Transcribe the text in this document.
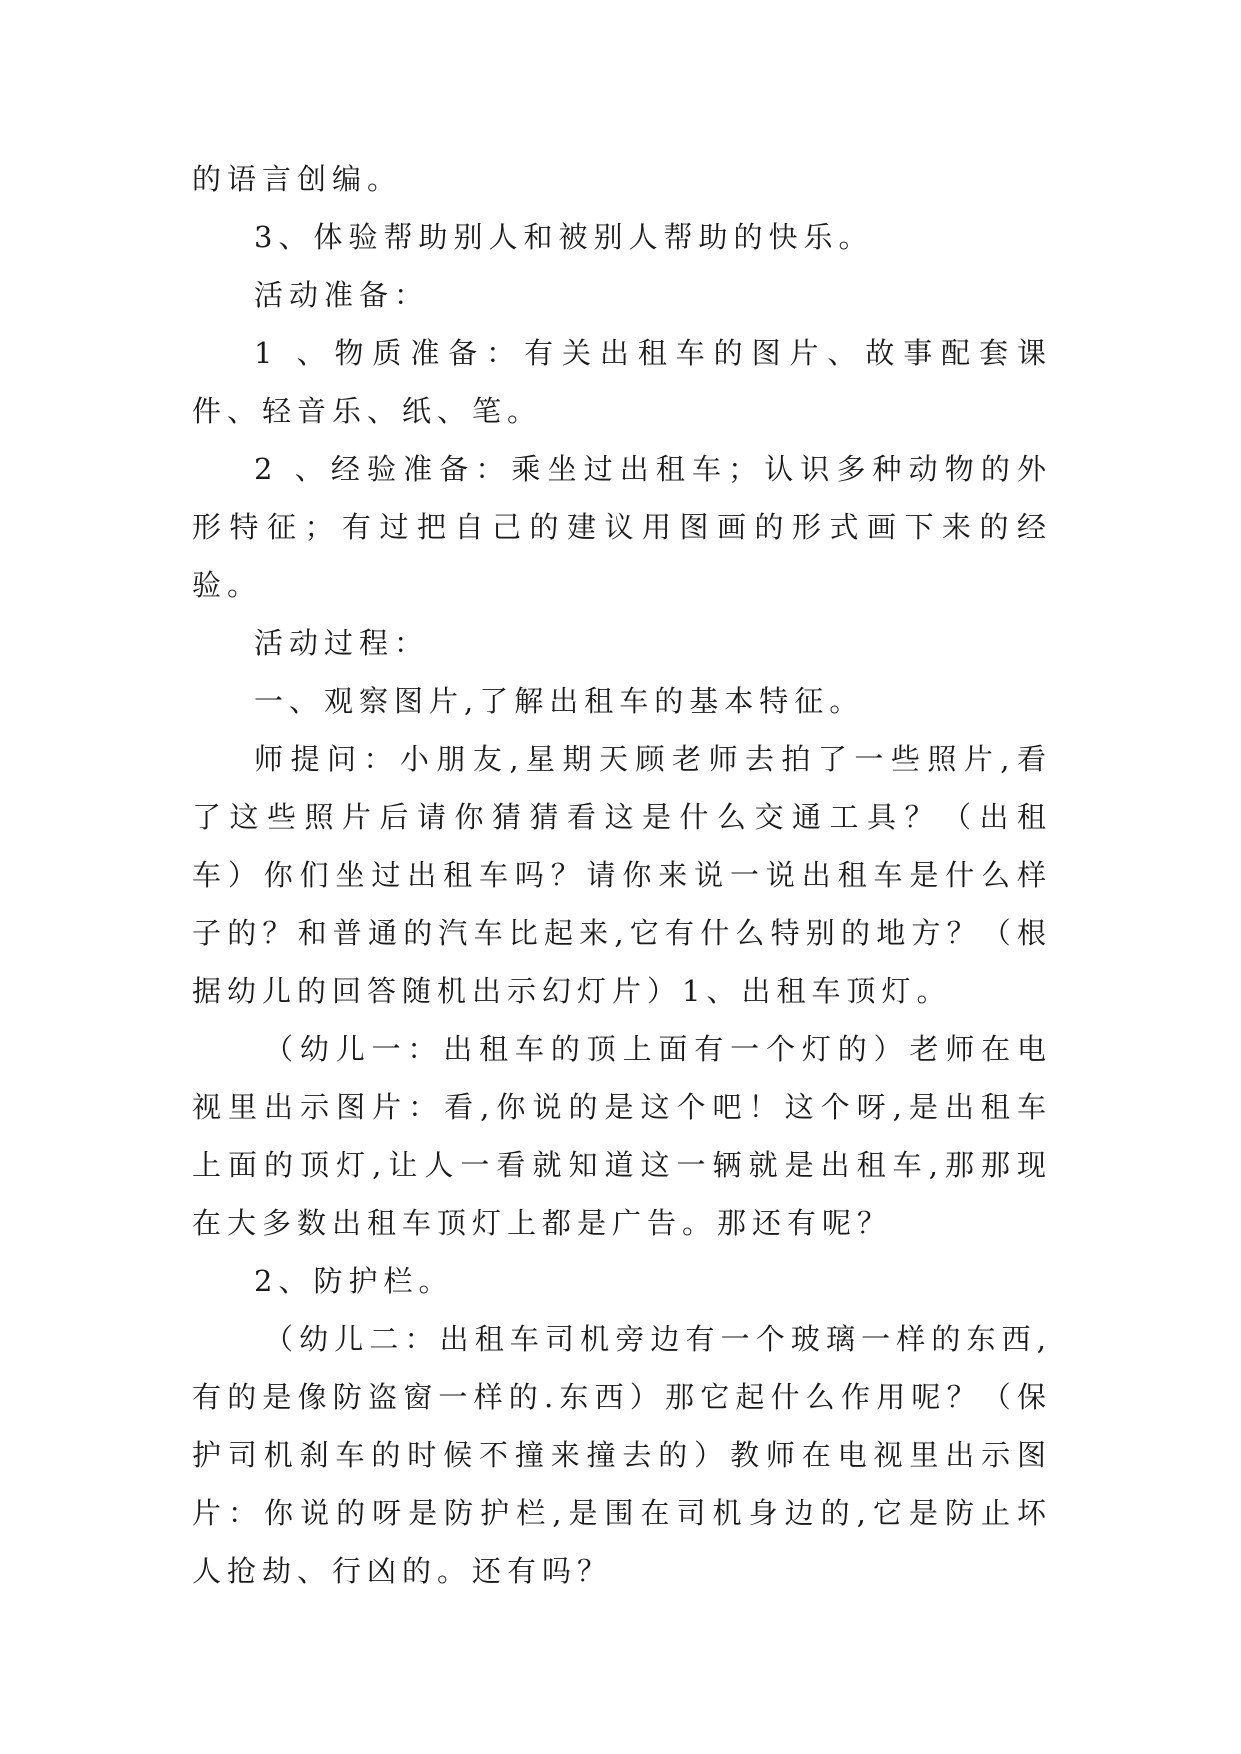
的语言创编。

3、体验帮助别人和被别人帮助的快乐。

活动准备：

1 、物质准备：有关出租车的图片、故事配套课件、轻音乐、纸、笔。

2 、经验准备：乘坐过出租车；认识多种动物的外形特征；有过把自己的建议用图画的形式画下来的经验。

活动过程：

一、观察图片,了解出租车的基本特征。

师提问：小朋友,星期天顾老师去拍了一些照片,看了这些照片后请你猜猜看这是什么交通工具？（出租车）你们坐过出租车吗？请你来说一说出租车是什么样子的？和普通的汽车比起来,它有什么特别的地方？（根据幼儿的回答随机出示幻灯片）1、出租车顶灯。

（幼儿一：出租车的顶上面有一个灯的）老师在电视里出示图片：看,你说的是这个吧！这个呀,是出租车上面的顶灯,让人一看就知道这一辆就是出租车,那那现在大多数出租车顶灯上都是广告。那还有呢？

2、防护栏。

（幼儿二：出租车司机旁边有一个玻璃一样的东西,有的是像防盗窗一样的.东西）那它起什么作用呢？（保护司机刹车的时候不撞来撞去的）教师在电视里出示图片：你说的呀是防护栏,是围在司机身边的,它是防止坏人抢劫、行凶的。还有吗？
